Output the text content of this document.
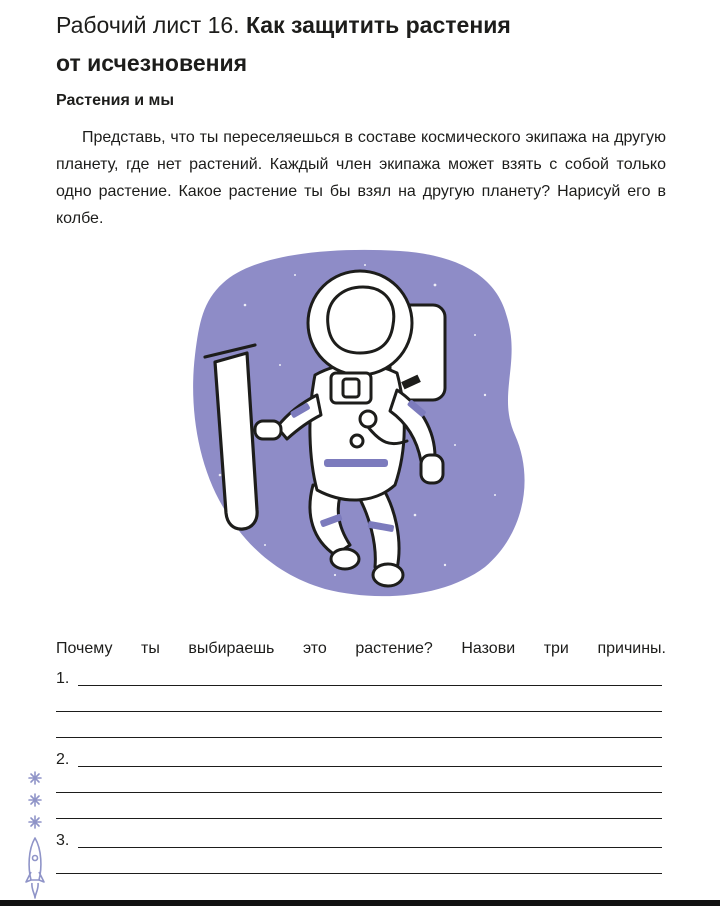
Рабочий лист 16. Как защитить растения
от исчезновения
Растения и мы

Представь, что ты переселяешься в составе космического экипажа на другую планету, где нет растений. Каждый член экипажа может взять с собой только одно растение. Какое растение ты бы взял на другую планету? Нарисуй его в колбе.

Почему ты выбираешь это растение? Назови три причины.
1.
2.
3.
